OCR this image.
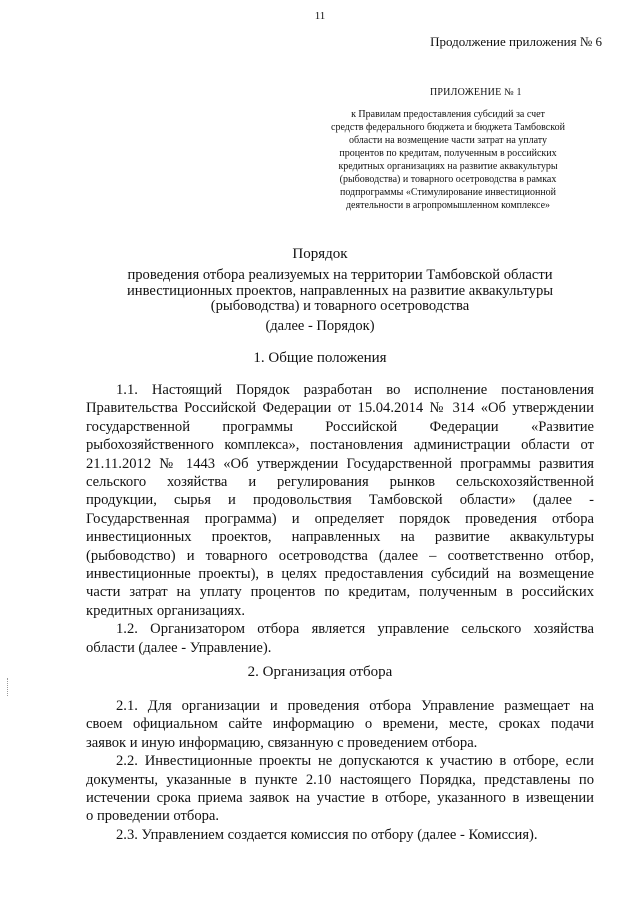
11
Продолжение приложения № 6
ПРИЛОЖЕНИЕ № 1
к Правилам предоставления субсидий за счет
средств федерального бюджета и бюджета Тамбовской
области на возмещение части затрат на уплату
процентов по кредитам, полученным в российских
кредитных организациях на развитие аквакультуры
(рыбоводства) и товарного осетроводства в рамках
подпрограммы «Стимулирование инвестиционной
деятельности в агропромышленном комплексе»
Порядок
проведения отбора реализуемых на территории Тамбовской области
инвестиционных проектов, направленных на развитие аквакультуры
(рыбоводства) и товарного осетроводства
(далее - Порядок)
1. Общие положения
1.1. Настоящий Порядок разработан во исполнение постановления
Правительства Российской Федерации от 15.04.2014 № 314 «Об утверждении
государственной программы Российской Федерации «Развитие
рыбохозяйственного комплекса», постановления администрации области от
21.11.2012 № 1443 «Об утверждении Государственной программы развития
сельского хозяйства и регулирования рынков сельскохозяйственной
продукции, сырья и продовольствия Тамбовской области» (далее -
Государственная программа) и определяет порядок проведения отбора
инвестиционных проектов, направленных на развитие аквакультуры
(рыбоводство) и товарного осетроводства (далее – соответственно отбор,
инвестиционные проекты), в целях предоставления субсидий на возмещение
части затрат на уплату процентов по кредитам, полученным в российских
кредитных организациях.
1.2. Организатором отбора является управление сельского хозяйства
области (далее - Управление).
2. Организация отбора
2.1. Для организации и проведения отбора Управление размещает на
своем официальном сайте информацию о времени, месте, сроках подачи
заявок и иную информацию, связанную с проведением отбора.
2.2. Инвестиционные проекты не допускаются к участию в отборе, если
документы, указанные в пункте 2.10 настоящего Порядка, представлены по
истечении срока приема заявок на участие в отборе, указанного в извещении
о проведении отбора.
2.3. Управлением создается комиссия по отбору (далее - Комиссия).
